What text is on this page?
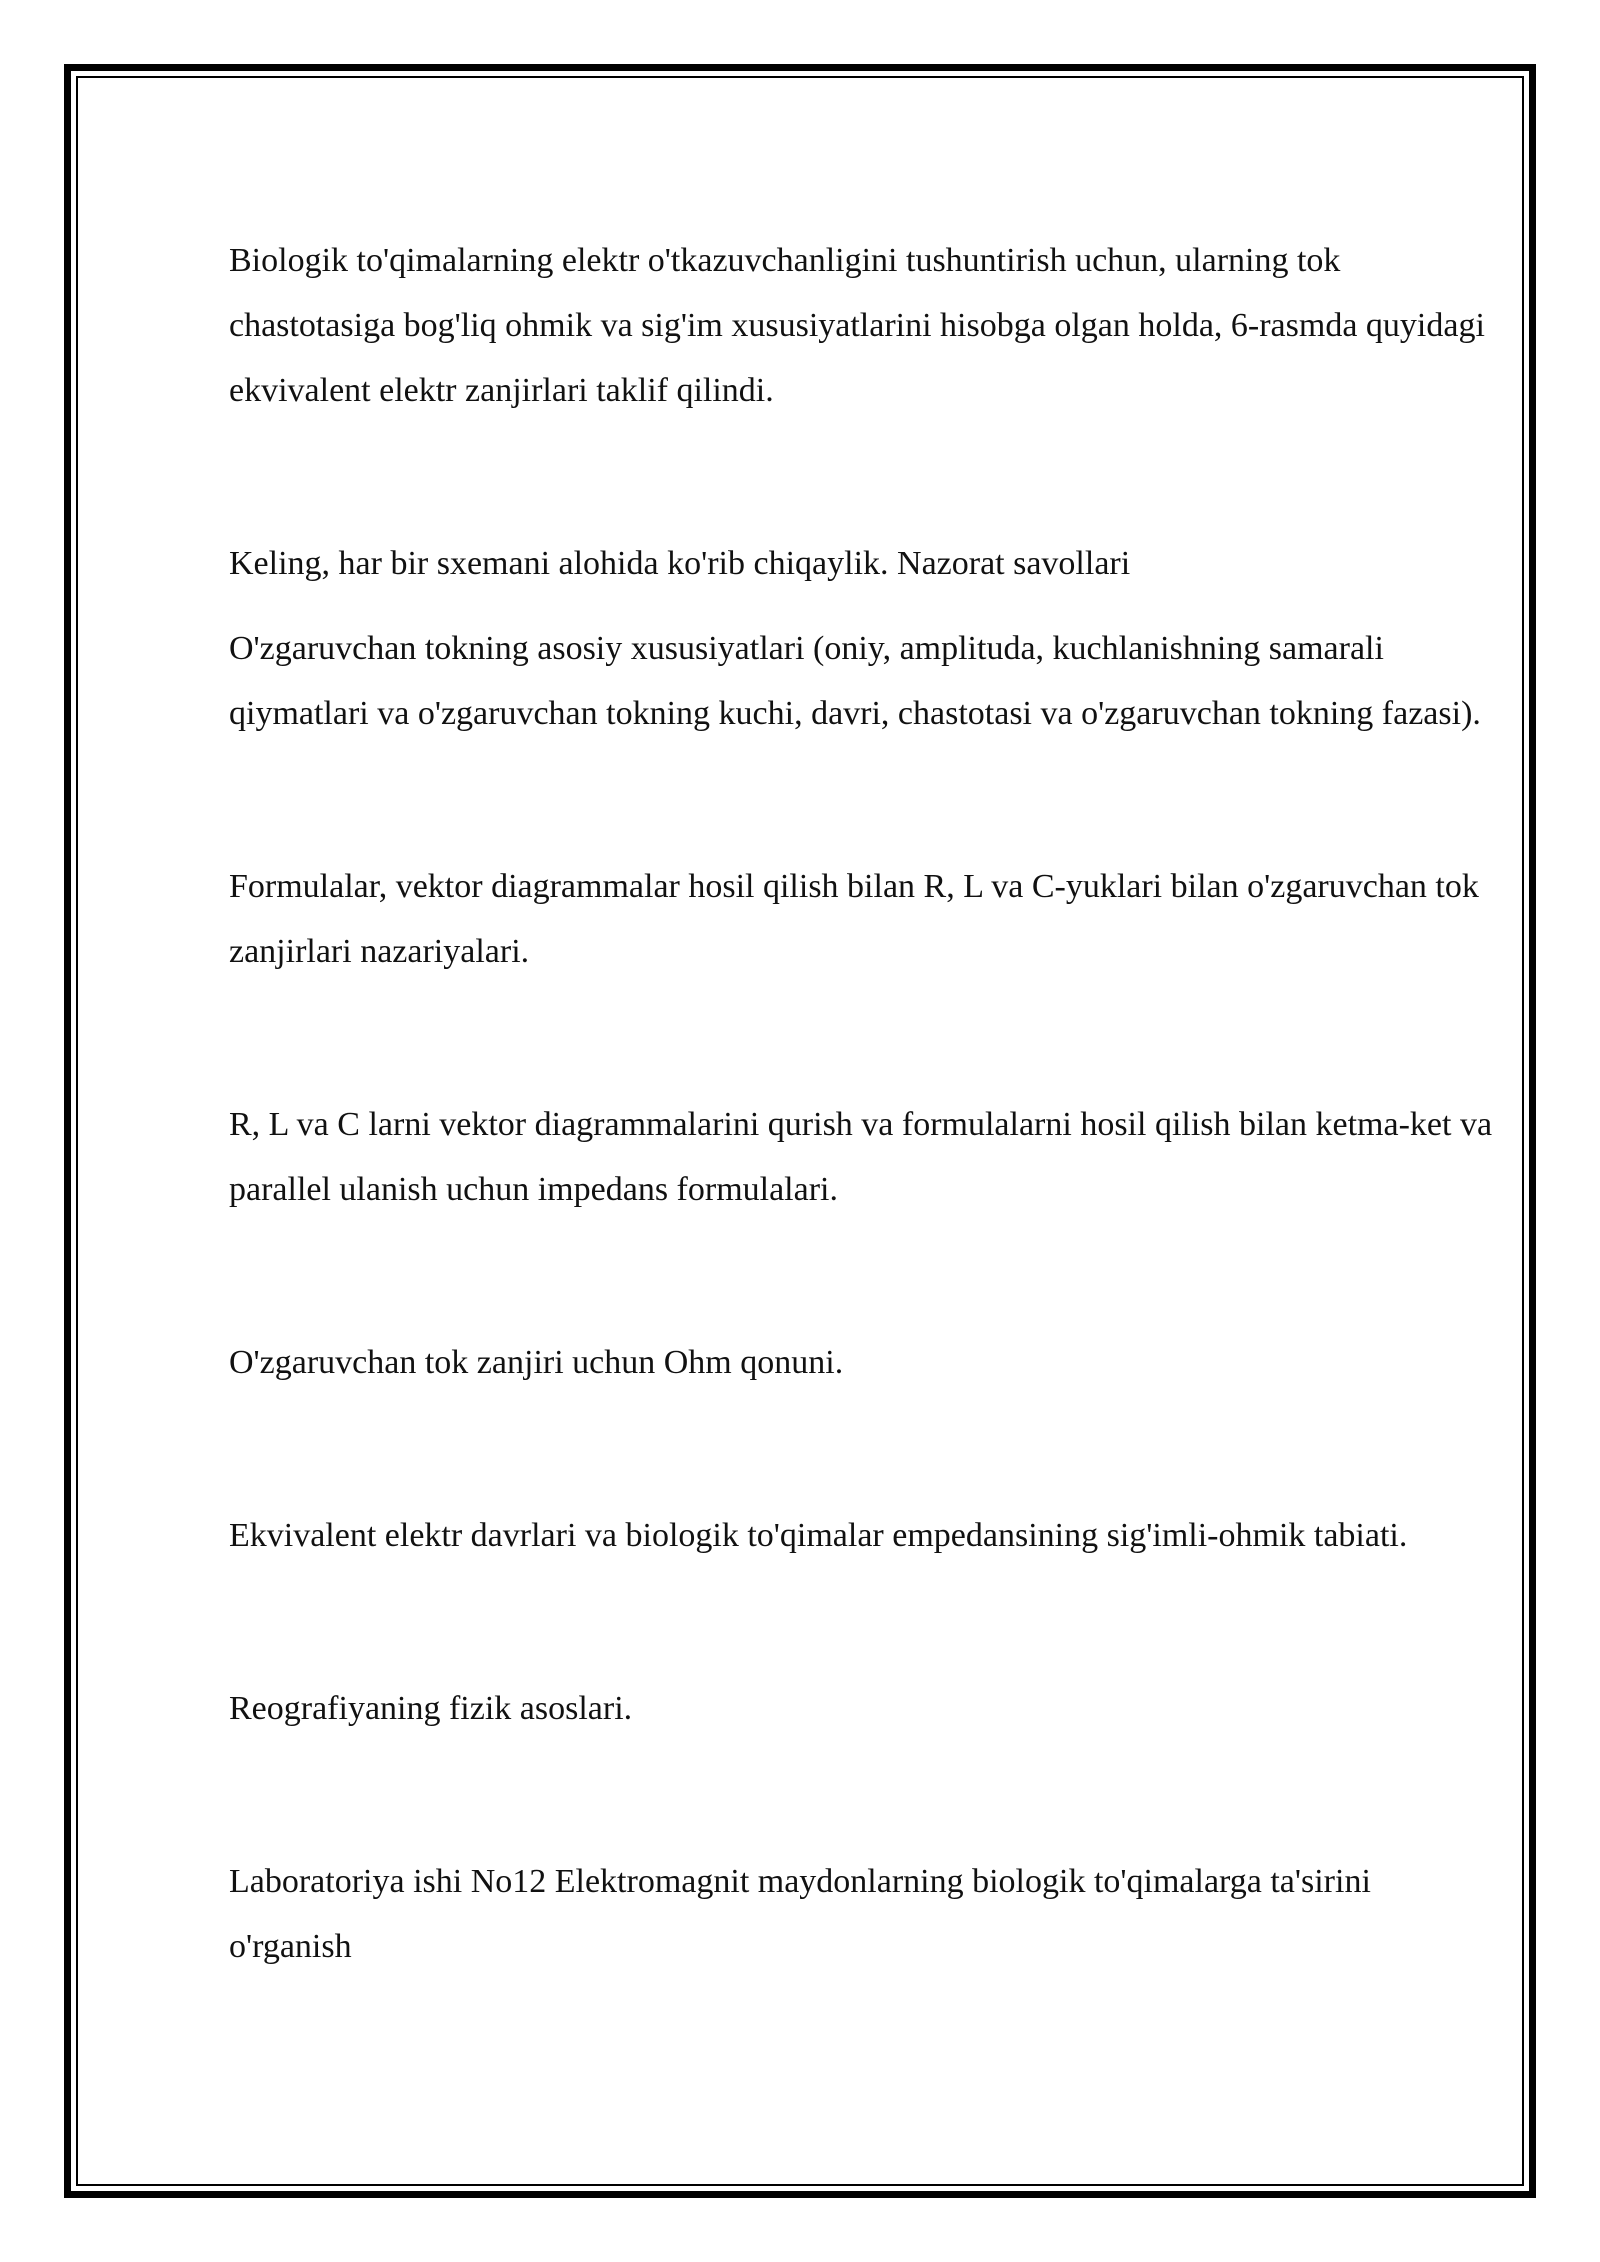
Biologik to'qimalarning elektr o'tkazuvchanligini tushuntirish uchun, ularning tok chastotasiga bog'liq ohmik va sig'im xususiyatlarini hisobga olgan holda, 6-rasmda quyidagi ekvivalent elektr zanjirlari taklif qilindi.

Keling, har bir sxemani alohida ko'rib chiqaylik. Nazorat savollari

O'zgaruvchan tokning asosiy xususiyatlari (oniy, amplituda, kuchlanishning samarali qiymatlari va o'zgaruvchan tokning kuchi, davri, chastotasi va o'zgaruvchan tokning fazasi).

Formulalar, vektor diagrammalar hosil qilish bilan R, L va C-yuklari bilan o'zgaruvchan tok zanjirlari nazariyalari.

R, L va C larni vektor diagrammalarini qurish va formulalarni hosil qilish bilan ketma-ket va parallel ulanish uchun impedans formulalari.

O'zgaruvchan tok zanjiri uchun Ohm qonuni.

Ekvivalent elektr davrlari va biologik to'qimalar empedansining sig'imli-ohmik tabiati.

Reografiyaning fizik asoslari.

Laboratoriya ishi No12 Elektromagnit maydonlarning biologik to'qimalarga ta'sirini o'rganish
